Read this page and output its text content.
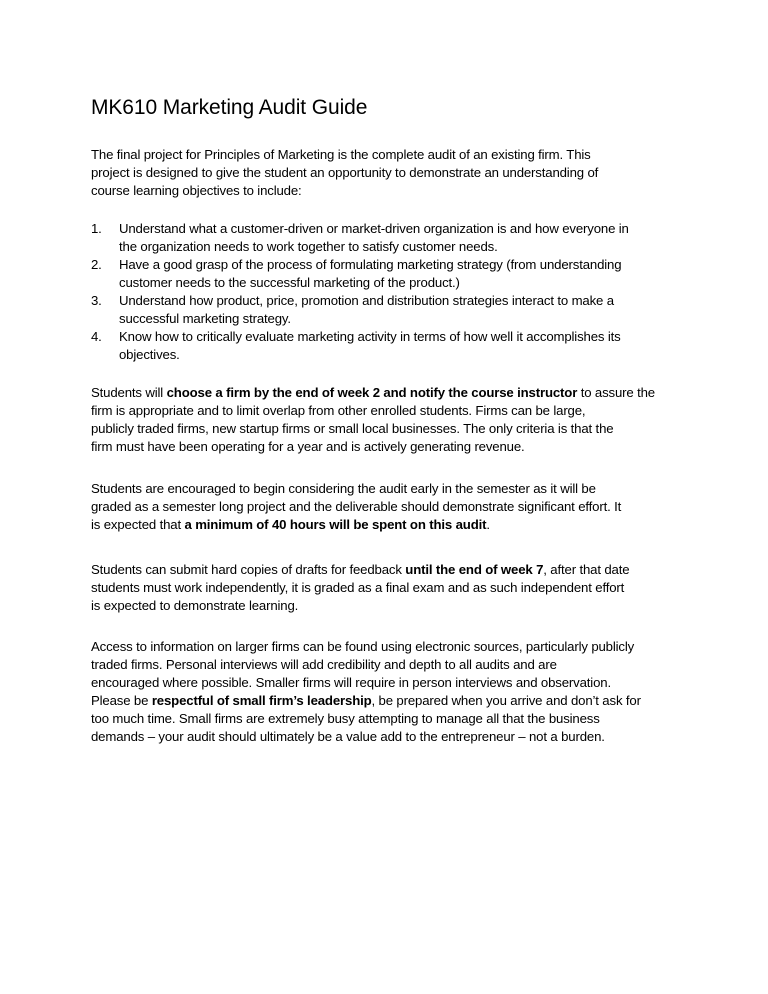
MK610 Marketing Audit Guide

The final project for Principles of Marketing is the complete audit of an existing firm. This
project is designed to give the student an opportunity to demonstrate an understanding of
course learning objectives to include:

1. Understand what a customer-driven or market-driven organization is and how everyone in
the organization needs to work together to satisfy customer needs.
2. Have a good grasp of the process of formulating marketing strategy (from understanding
customer needs to the successful marketing of the product.)
3. Understand how product, price, promotion and distribution strategies interact to make a
successful marketing strategy.
4. Know how to critically evaluate marketing activity in terms of how well it accomplishes its
objectives.

Students will choose a firm by the end of week 2 and notify the course instructor to assure the
firm is appropriate and to limit overlap from other enrolled students. Firms can be large,
publicly traded firms, new startup firms or small local businesses. The only criteria is that the
firm must have been operating for a year and is actively generating revenue.

Students are encouraged to begin considering the audit early in the semester as it will be
graded as a semester long project and the deliverable should demonstrate significant effort. It
is expected that a minimum of 40 hours will be spent on this audit.

Students can submit hard copies of drafts for feedback until the end of week 7, after that date
students must work independently, it is graded as a final exam and as such independent effort
is expected to demonstrate learning.

Access to information on larger firms can be found using electronic sources, particularly publicly
traded firms. Personal interviews will add credibility and depth to all audits and are
encouraged where possible. Smaller firms will require in person interviews and observation.
Please be respectful of small firm’s leadership, be prepared when you arrive and don’t ask for
too much time. Small firms are extremely busy attempting to manage all that the business
demands – your audit should ultimately be a value add to the entrepreneur – not a burden.
